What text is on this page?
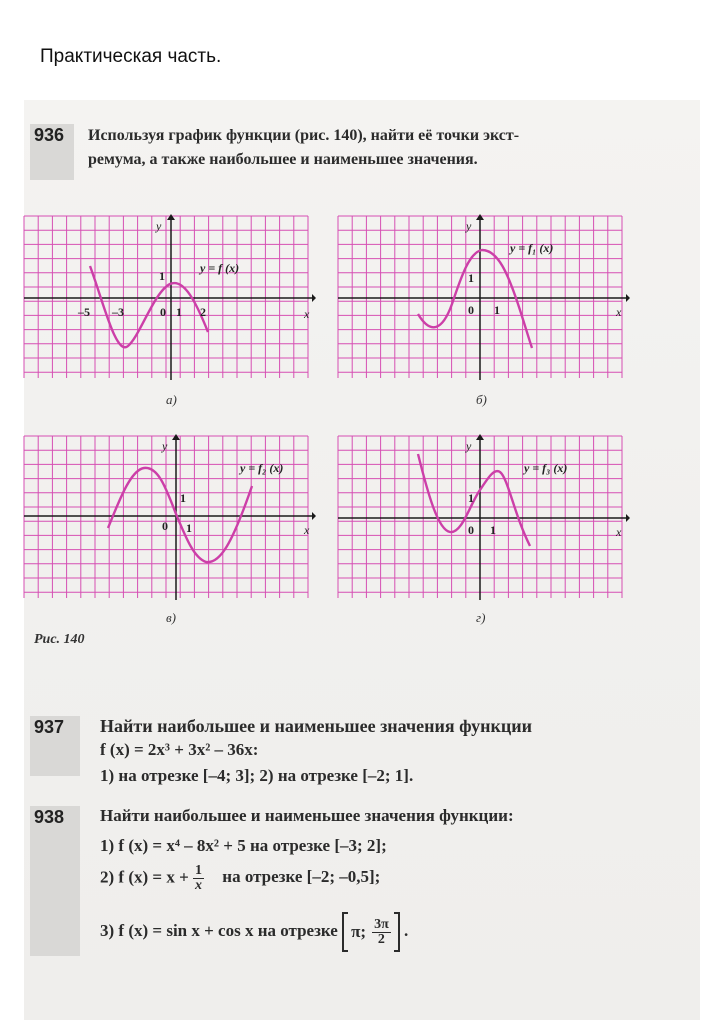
Практическая часть.
936	Используя график функции (рис. 140), найти её точки экст-
ремума, а также наибольшее и наименьшее значения.
y
x
y = f (x)
–5 –3	0 1 2
1
а)
y
x
y = f₁ (x)
0 1
1
б)
y
x
y = f₂ (x)
0 1
1
в)
y
x
y = f₃ (x)
0 1
1
г)
Рис. 140
937	Найти наибольшее и наименьшее значения функции
f (x) = 2x³ + 3x² – 36x:
1) на отрезке [–4; 3]; 2) на отрезке [–2; 1].
938	Найти наибольшее и наименьшее значения функции:
1) f (x) = x⁴ – 8x² + 5 на отрезке [–3; 2];
2) f $(x) = x + \frac{1}{x}$ на отрезке [–2; –0,5];
3) f (x) = sin x + cos x на отрезке π; $\frac{3\pi}{2}$ .
